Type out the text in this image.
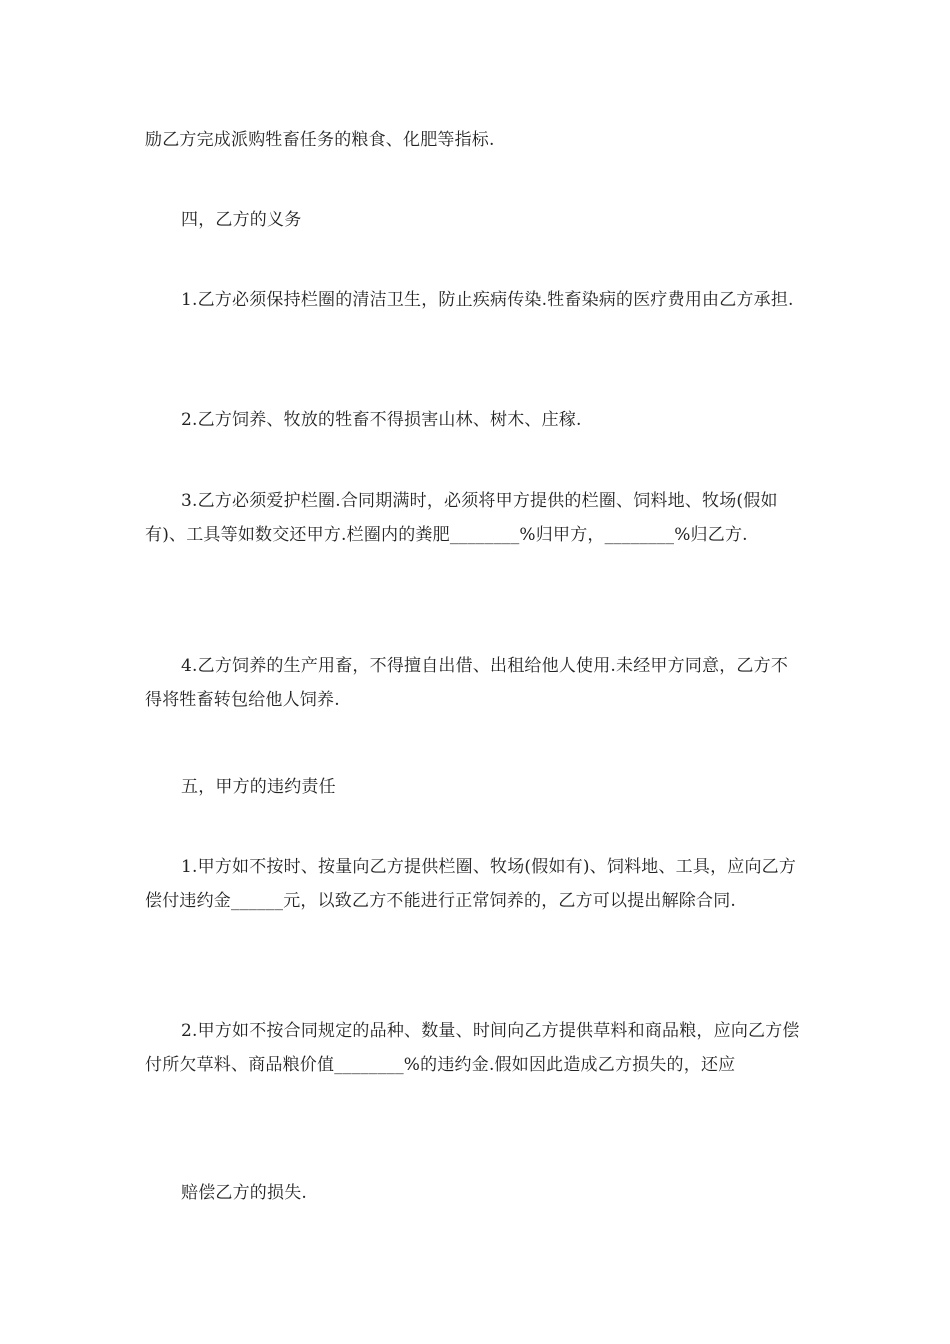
励乙方完成派购牲畜任务的粮食、化肥等指标.

四，乙方的义务

1.乙方必须保持栏圈的清洁卫生，防止疾病传染.牲畜染病的医疗费用由乙方承担.

2.乙方饲养、牧放的牲畜不得损害山林、树木、庄稼.

3.乙方必须爱护栏圈.合同期满时，必须将甲方提供的栏圈、饲料地、牧场(假如有)、工具等如数交还甲方.栏圈内的粪肥________%归甲方，________%归乙方.

4.乙方饲养的生产用畜，不得擅自出借、出租给他人使用.未经甲方同意，乙方不得将牲畜转包给他人饲养.

五，甲方的违约责任

1.甲方如不按时、按量向乙方提供栏圈、牧场(假如有)、饲料地、工具，应向乙方偿付违约金______元，以致乙方不能进行正常饲养的，乙方可以提出解除合同.

2.甲方如不按合同规定的品种、数量、时间向乙方提供草料和商品粮，应向乙方偿付所欠草料、商品粮价值________%的违约金.假如因此造成乙方损失的，还应

赔偿乙方的损失.
